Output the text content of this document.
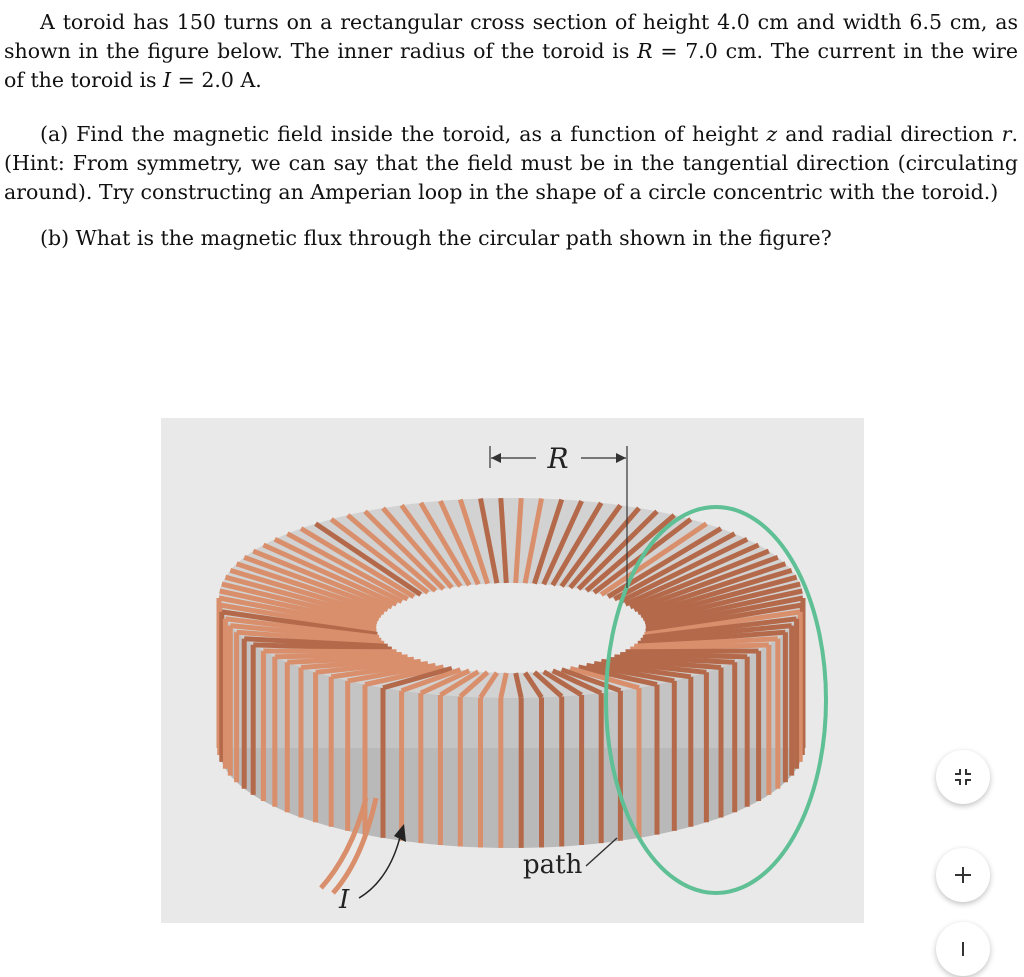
A toroid has 150 turns on a rectangular cross section of height 4.0 cm and width 6.5 cm, as shown in the figure below. The inner radius of the toroid is R = 7.0 cm. The current in the wire of the toroid is I = 2.0 A.

(a) Find the magnetic field inside the toroid, as a function of height z and radial direction r. (Hint: From symmetry, we can say that the field must be in the tangential direction (circulating around). Try constructing an Amperian loop in the shape of a circle concentric with the toroid.)

(b) What is the magnetic flux through the circular path shown in the figure?

R
I
path
